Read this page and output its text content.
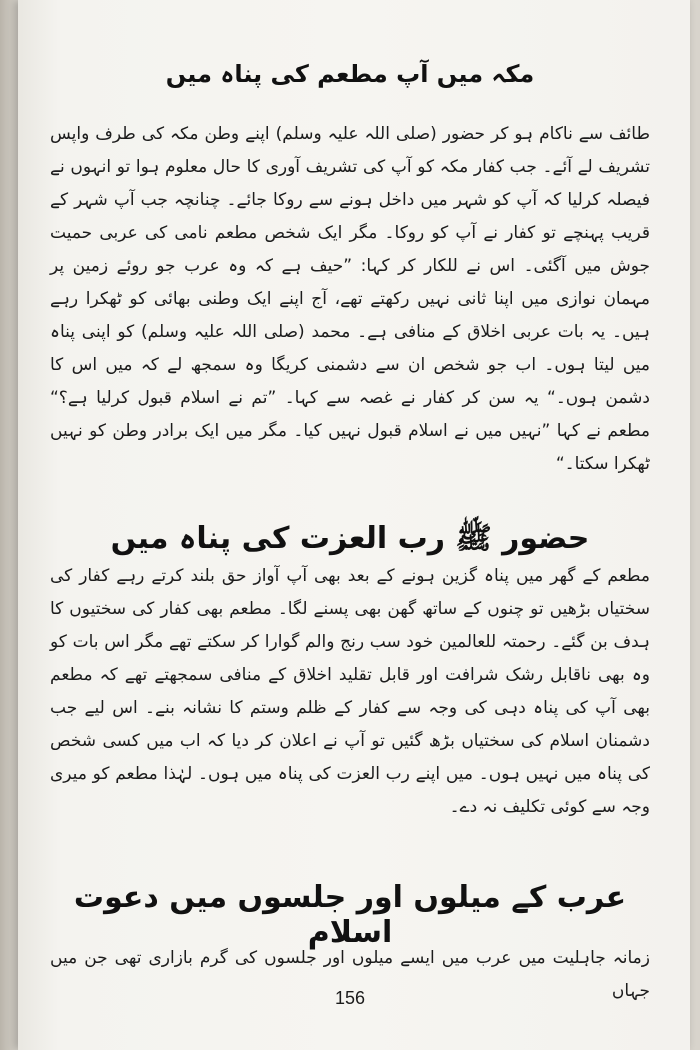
مکہ میں آپ مطعم کی پناہ میں

طائف سے ناکام ہو کر حضور (صلی اللہ علیہ وسلم) اپنے وطن مکہ کی طرف واپس تشریف لے آئے۔ جب کفار مکہ کو آپ کی تشریف آوری کا حال معلوم ہوا تو انہوں نے فیصلہ کرلیا کہ آپ کو شہر میں داخل ہونے سے روکا جائے۔ چنانچہ جب آپ شہر کے قریب پہنچے تو کفار نے آپ کو روکا۔ مگر ایک شخص مطعم نامی کی عربی حمیت جوش میں آگئی۔ اس نے للکار کر کہا: ”حیف ہے کہ وہ عرب جو روئے زمین پر مہمان نوازی میں اپنا ثانی نہیں رکھتے تھے، آج اپنے ایک وطنی بھائی کو ٹھکرا رہے ہیں۔ یہ بات عربی اخلاق کے منافی ہے۔ محمد (صلی اللہ علیہ وسلم) کو اپنی پناہ میں لیتا ہوں۔ اب جو شخص ان سے دشمنی کریگا وہ سمجھ لے کہ میں اس کا دشمن ہوں۔“ یہ سن کر کفار نے غصہ سے کہا۔ ”تم نے اسلام قبول کرلیا ہے؟“ مطعم نے کہا ”نہیں میں نے اسلام قبول نہیں کیا۔ مگر میں ایک برادر وطن کو نہیں ٹھکرا سکتا۔“

حضور ﷺ رب العزت کی پناہ میں

مطعم کے گھر میں پناہ گزین ہونے کے بعد بھی آپ آواز حق بلند کرتے رہے کفار کی سختیاں بڑھیں تو چنوں کے ساتھ گھن بھی پسنے لگا۔ مطعم بھی کفار کی سختیوں کا ہدف بن گئے۔ رحمتہ للعالمین خود سب رنج والم گوارا کر سکتے تھے مگر اس بات کو وہ بھی ناقابل رشک شرافت اور قابل تقلید اخلاق کے منافی سمجھتے تھے کہ مطعم بھی آپ کی پناہ دہی کی وجہ سے کفار کے ظلم وستم کا نشانہ بنے۔ اس لیے جب دشمنان اسلام کی سختیاں بڑھ گئیں تو آپ نے اعلان کر دیا کہ اب میں کسی شخص کی پناہ میں نہیں ہوں۔ میں اپنے رب العزت کی پناہ میں ہوں۔ لہٰذا مطعم کو میری وجہ سے کوئی تکلیف نہ دے۔

عرب کے میلوں اور جلسوں میں دعوت اسلام

زمانہ جاہلیت میں عرب میں ایسے میلوں اور جلسوں کی گرم بازاری تھی جن میں جہاں

156
